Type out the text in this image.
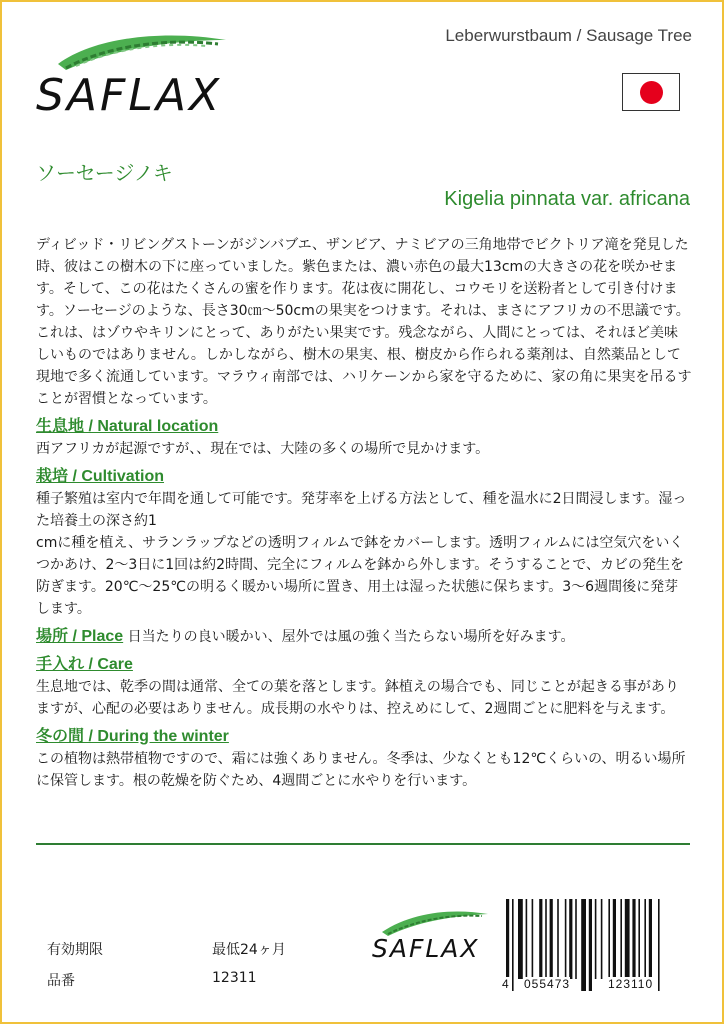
SAFLAX
Leberwurstbaum / Sausage Tree
ソーセージノキ
Kigelia pinnata var. africana

ディビッド・リビングストーンがジンバブエ、ザンビア、ナミビアの三角地帯でビクトリア滝を発見した時、彼はこの樹木の下に座っていました。紫色または、濃い赤色の最大13cmの大きさの花を咲かせます。そして、この花はたくさんの蜜を作ります。花は夜に開花し、コウモリを送粉者として引き付けます。ソーセージのような、長さ30㎝〜50cmの果実をつけます。それは、まさにアフリカの不思議です。これは、はゾウやキリンにとって、ありがたい果実です。残念ながら、人間にとっては、それほど美味しいものではありません。しかしながら、樹木の果実、根、樹皮から作られる薬剤は、自然薬品として現地で多く流通しています。マラウィ南部では、ハリケーンから家を守るために、家の角に果実を吊るすことが習慣となっています。

生息地 / Natural location

西アフリカが起源ですが、、現在では、大陸の多くの場所で見かけます。

栽培 / Cultivation

種子繁殖は室内で年間を通して可能です。発芽率を上げる方法として、種を温水に2日間浸します。湿った培養土の深さ約1

cmに種を植え、サランラップなどの透明フィルムで鉢をカバーします。透明フィルムには空気穴をいくつかあけ、2～3日に1回は約2時間、完全にフィルムを鉢から外します。そうすることで、カビの発生を防ぎます。20℃〜25℃の明るく暖かい場所に置き、用土は湿った状態に保ちます。3〜6週間後に発芽します。

場所 / Place 日当たりの良い暖かい、屋外では風の強く当たらない場所を好みます。

手入れ / Care

生息地では、乾季の間は通常、全ての葉を落とします。鉢植えの場合でも、同じことが起きる事がありますが、心配の必要はありません。成長期の水やりは、控えめにして、2週間ごとに肥料を与えます。

冬の間 / During the winter

この植物は熱帯植物ですので、霜には強くありません。冬季は、少なくとも12℃くらいの、明るい場所に保管します。根の乾燥を防ぐため、4週間ごとに水やりを行います。

有効期限	最低24ヶ月
品番	12311
SAFLAX
4 055473	123110
